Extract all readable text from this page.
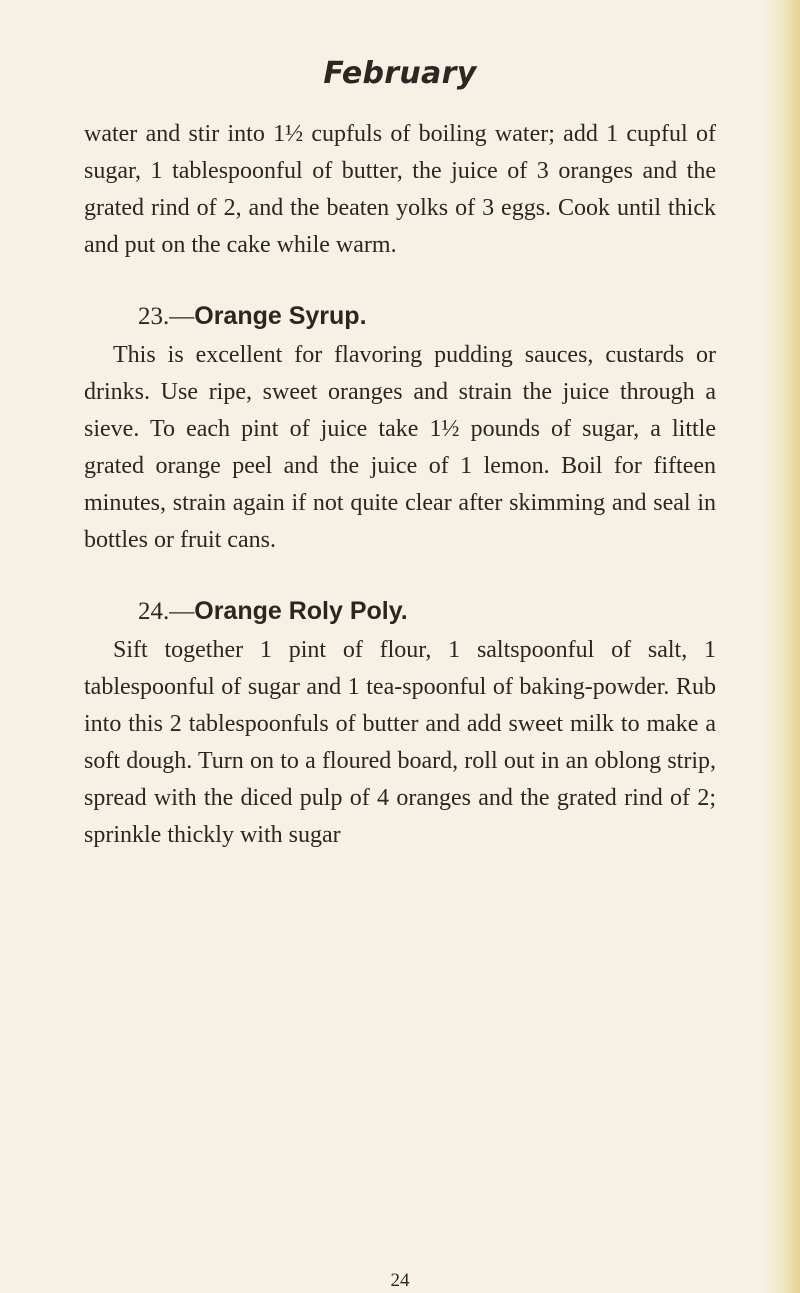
February

water and stir into 1½ cupfuls of boiling water; add 1 cupful of sugar, 1 tablespoonful of butter, the juice of 3 oranges and the grated rind of 2, and the beaten yolks of 3 eggs. Cook until thick and put on the cake while warm.

23.—Orange Syrup.

This is excellent for flavoring pudding sauces, custards or drinks. Use ripe, sweet oranges and strain the juice through a sieve. To each pint of juice take 1½ pounds of sugar, a little grated orange peel and the juice of 1 lemon. Boil for fifteen minutes, strain again if not quite clear after skimming and seal in bottles or fruit cans.

24.—Orange Roly Poly.

Sift together 1 pint of flour, 1 saltspoonful of salt, 1 tablespoonful of sugar and 1 tea-spoonful of baking-powder. Rub into this 2 tablespoonfuls of butter and add sweet milk to make a soft dough. Turn on to a floured board, roll out in an oblong strip, spread with the diced pulp of 4 oranges and the grated rind of 2; sprinkle thickly with sugar

24
